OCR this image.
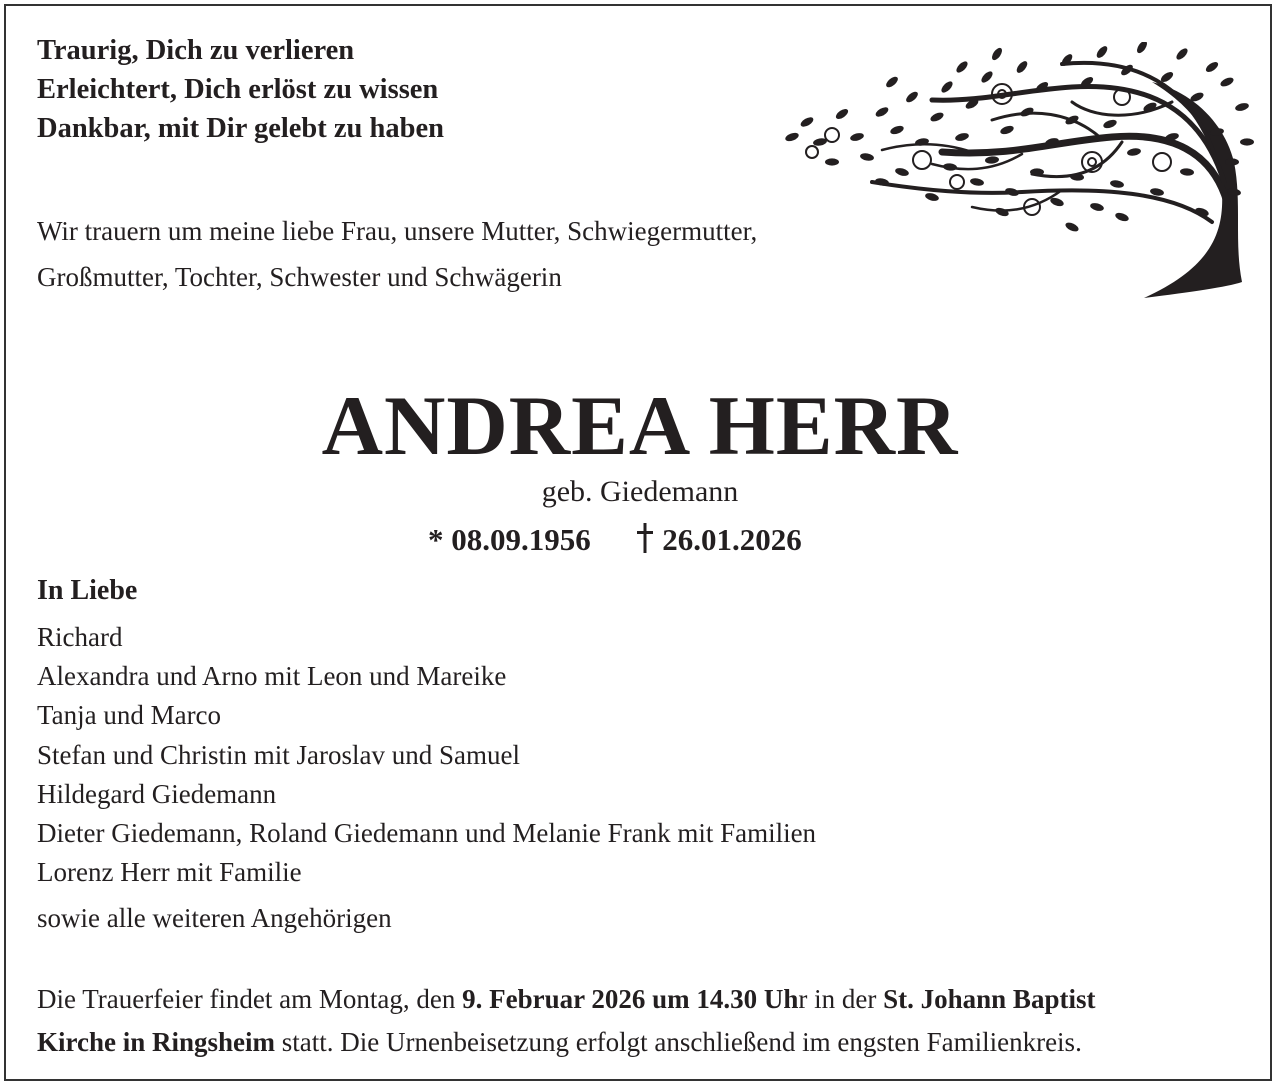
Traurig, Dich zu verlieren
Erleichtert, Dich erlöst zu wissen
Dankbar, mit Dir gelebt zu haben
Wir trauern um meine liebe Frau, unsere Mutter, Schwiegermutter,
Großmutter, Tochter, Schwester und Schwägerin
ANDREA HERR
geb. Giedemann
* 08.09.1956 26.01.2026
In Liebe
Richard
Alexandra und Arno mit Leon und Mareike
Tanja und Marco
Stefan und Christin mit Jaroslav und Samuel
Hildegard Giedemann
Dieter Giedemann, Roland Giedemann und Melanie Frank mit Familien
Lorenz Herr mit Familie
sowie alle weiteren Angehörigen
Die Trauerfeier findet am Montag, den 9. Februar 2026 um 14.30 Uhr in der St. Johann Baptist
Kirche in Ringsheim statt. Die Urnenbeisetzung erfolgt anschließend im engsten Familienkreis.
